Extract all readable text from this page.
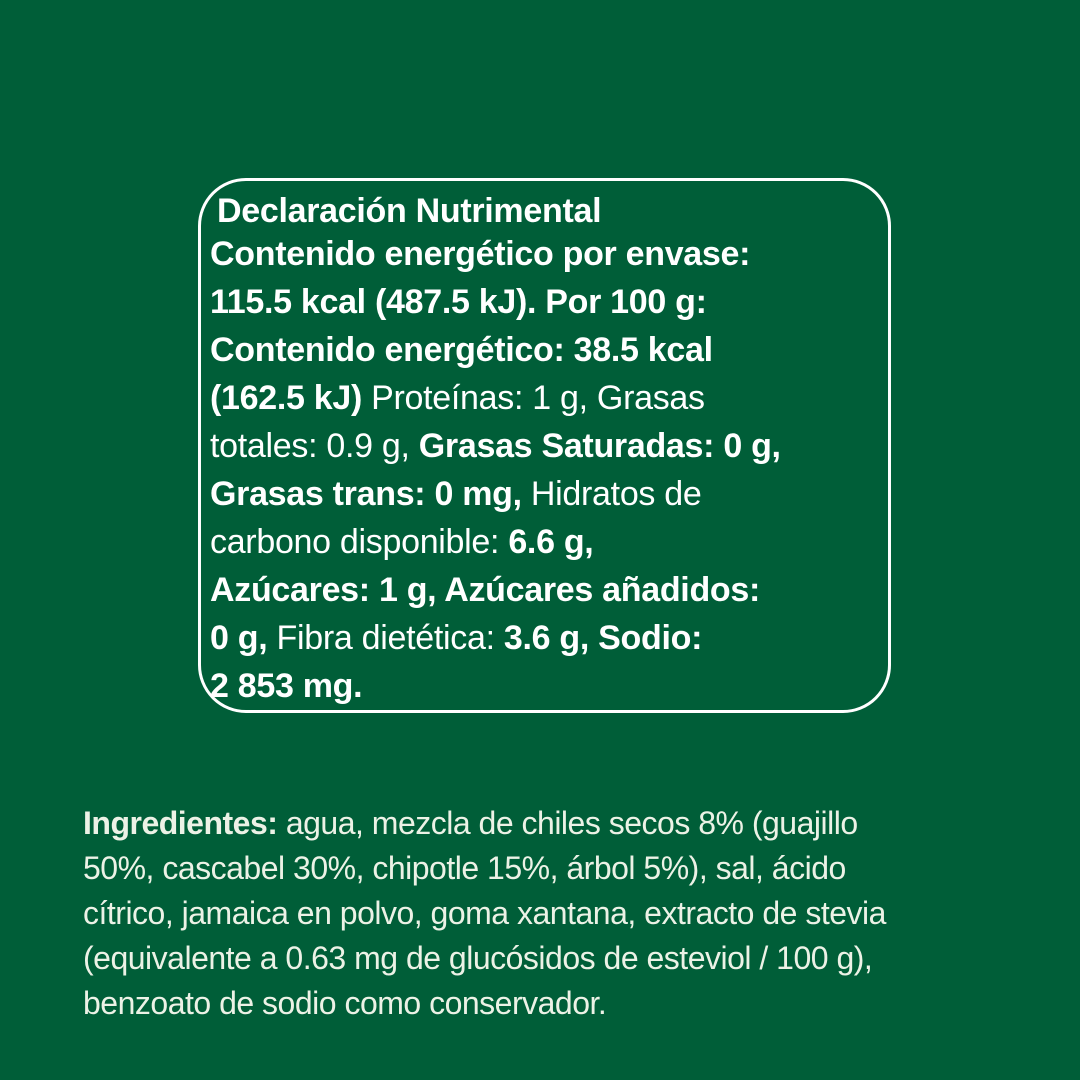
Declaración Nutrimental
Contenido energético por envase:
115.5 kcal (487.5 kJ). Por 100 g:
Contenido energético: 38.5 kcal
(162.5 kJ) Proteínas: 1 g, Grasas
totales: 0.9 g, Grasas Saturadas: 0 g,
Grasas trans: 0 mg, Hidratos de
carbono disponible: 6.6 g,
Azúcares: 1 g, Azúcares añadidos:
0 g, Fibra dietética: 3.6 g, Sodio:
2 853 mg.
Ingredientes: agua, mezcla de chiles secos 8% (guajillo
50%, cascabel 30%, chipotle 15%, árbol 5%), sal, ácido
cítrico, jamaica en polvo, goma xantana, extracto de stevia
(equivalente a 0.63 mg de glucósidos de esteviol / 100 g),
benzoato de sodio como conservador.
